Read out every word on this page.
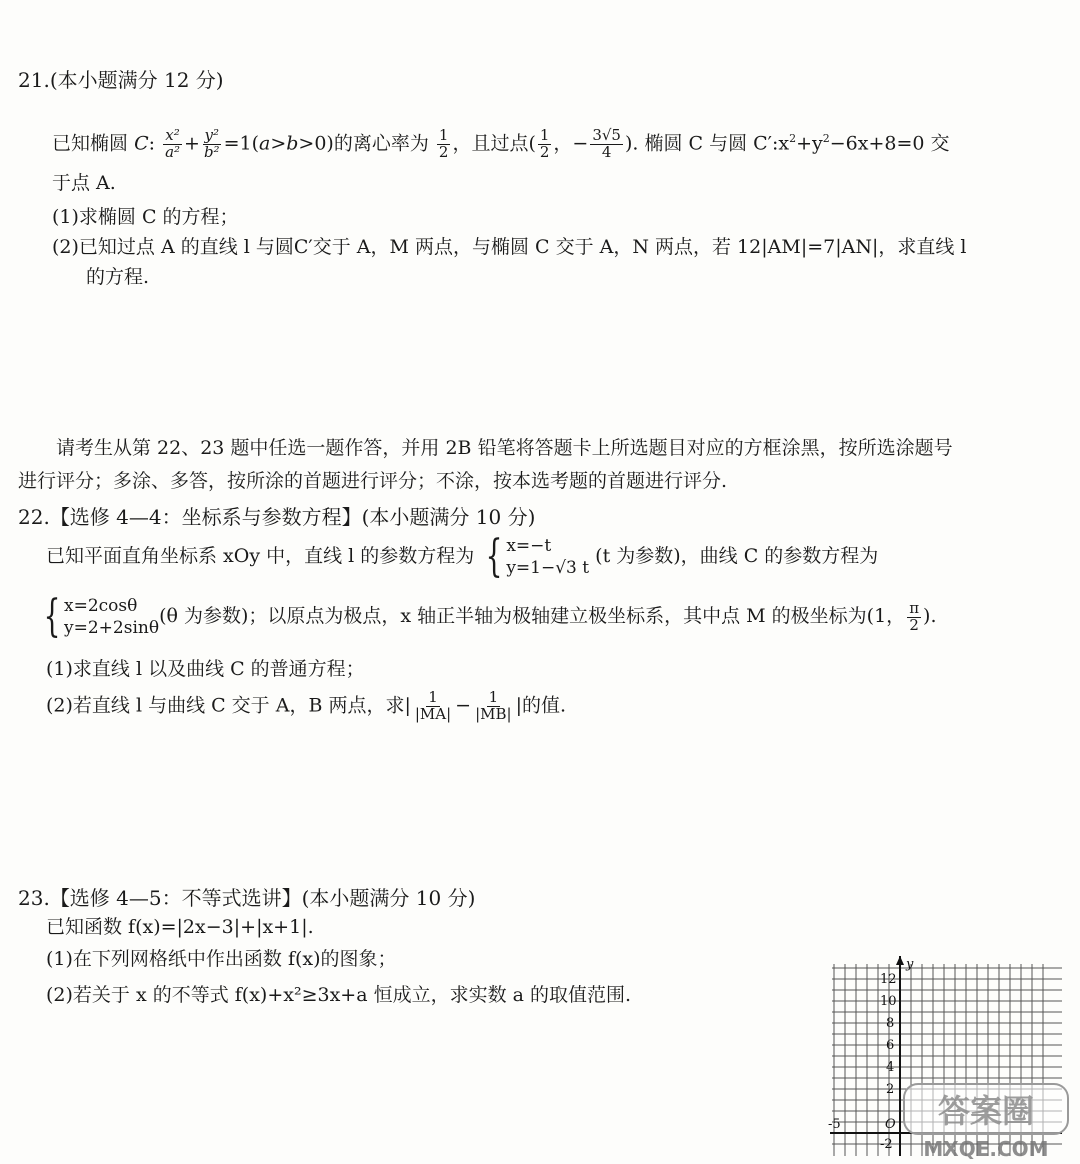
21.(本小题满分 12 分)
已知椭圆 C: $\frac{\text{x²}}{\text{a²}} + \frac{\text{y²}}{\text{b²}} =1(a>b>0)$的离心率为 $\frac{1}{2}$ ，且过点( $\frac{1}{2}$ ，− $\frac{3√5}{4}$ ). 椭圆 C 与圆 $C':x^2+y^2-6x+8=0$ 交
于点 A.
(1)求椭圆 C 的方程；
(2)已知过点 A 的直线 l 与圆C′交于 A，M 两点，与椭圆 C 交于 A，N 两点，若 12|AM|=7|AN|，求直线 l
的方程.
请考生从第 22、23 题中任选一题作答，并用 2B 铅笔将答题卡上所选题目对应的方框涂黑，按所选涂题号
进行评分；多涂、多答，按所涂的首题进行评分；不涂，按本选考题的首题进行评分.
22.【选修 4—4：坐标系与参数方程】(本小题满分 10 分)
已知平面直角坐标系 xOy 中，直线 l 的参数方程为 { x=−t
y=1−√3 t
(t 为参数)，曲线 C 的参数方程为
{ x=2cosθ
y=2+2sinθ
(θ 为参数)；以原点为极点，x 轴正半轴为极轴建立极坐标系，其中点 M 的极坐标为(1， $\frac{\pi}{2}$ ).
(1)求直线 l 以及曲线 C 的普通方程；
(2)若直线 l 与曲线 C 交于 A，B 两点，求| $\frac{1}{|MA|} - \frac{1}{|MB|}$ |的值.
23.【选修 4—5：不等式选讲】(本小题满分 10 分)
已知函数 f(x)=|2x−3|+|x+1|.
(1)在下列网格纸中作出函数 f(x)的图象；
(2)若关于 x 的不等式 f(x)+x²≥3x+a 恒成立，求实数 a 的取值范围.
y
12
10
8
6
4
2
-2
-5	O 答案圈
MXQE.COM
